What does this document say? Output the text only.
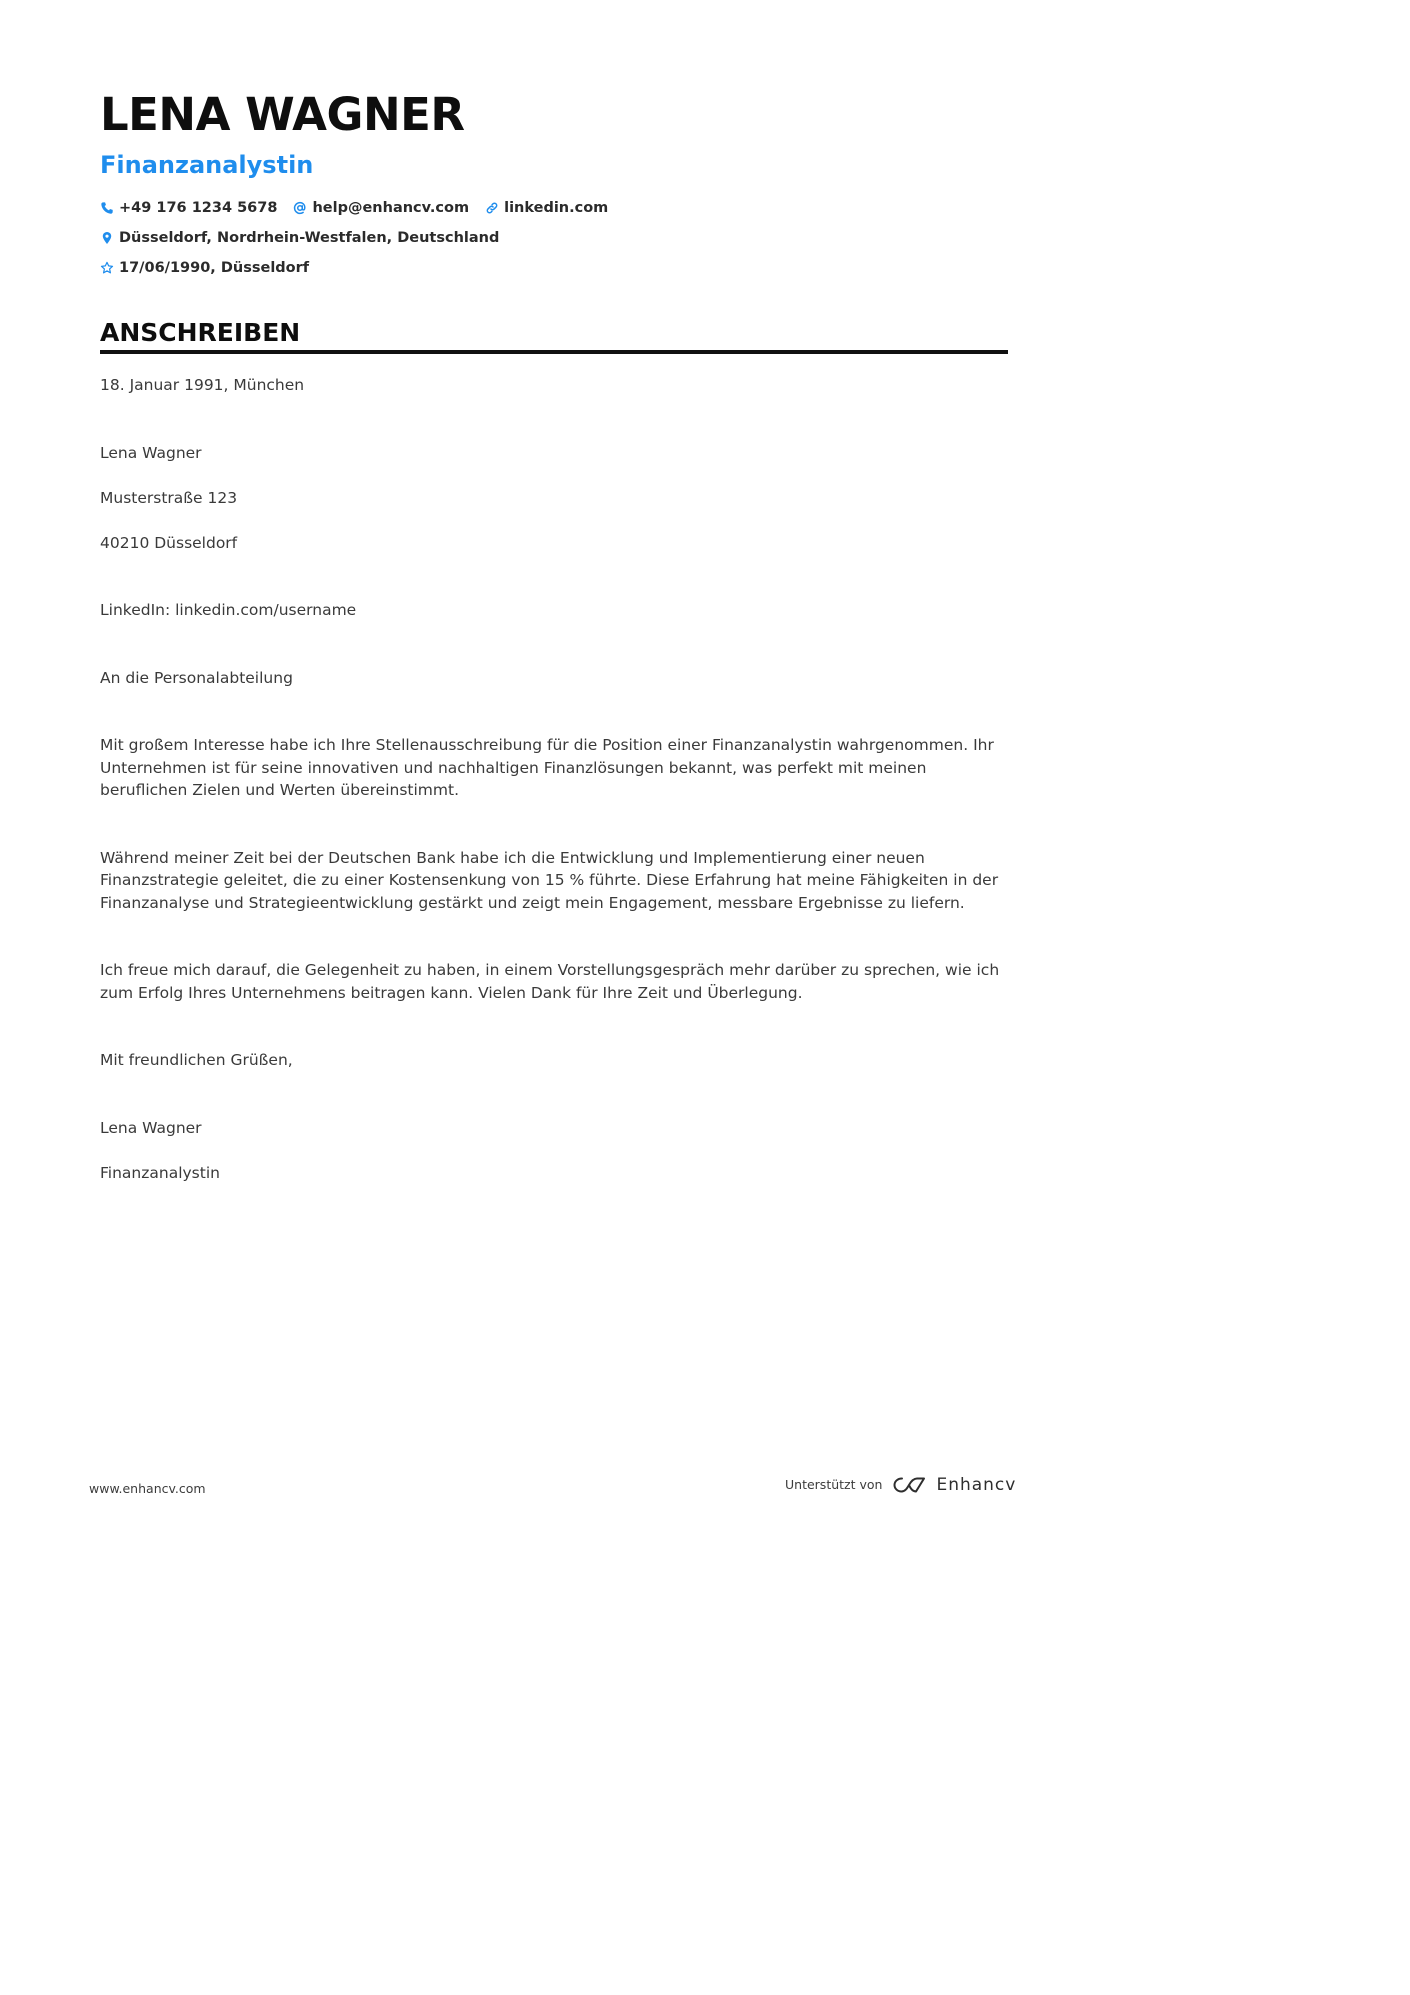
LENA WAGNER
Finanzanalystin
+49 176 1234 5678 help@enhancv.com linkedin.com
Düsseldorf, Nordrhein-Westfalen, Deutschland
17/06/1990, Düsseldorf
ANSCHREIBEN

18. Januar 1991, München

Lena Wagner

Musterstraße 123

40210 Düsseldorf

LinkedIn: linkedin.com/username

An die Personalabteilung

Mit großem Interesse habe ich Ihre Stellenausschreibung für die Position einer Finanzanalystin wahrgenommen. Ihr Unternehmen ist für seine innovativen und nachhaltigen Finanzlösungen bekannt, was perfekt mit meinen beruflichen Zielen und Werten übereinstimmt.

Während meiner Zeit bei der Deutschen Bank habe ich die Entwicklung und Implementierung einer neuen Finanzstrategie geleitet, die zu einer Kostensenkung von 15 % führte. Diese Erfahrung hat meine Fähigkeiten in der Finanzanalyse und Strategieentwicklung gestärkt und zeigt mein Engagement, messbare Ergebnisse zu liefern.

Ich freue mich darauf, die Gelegenheit zu haben, in einem Vorstellungsgespräch mehr darüber zu sprechen, wie ich zum Erfolg Ihres Unternehmens beitragen kann. Vielen Dank für Ihre Zeit und Überlegung.

Mit freundlichen Grüßen,

Lena Wagner

Finanzanalystin

www.enhancv.com	Unterstützt von	Enhancv
